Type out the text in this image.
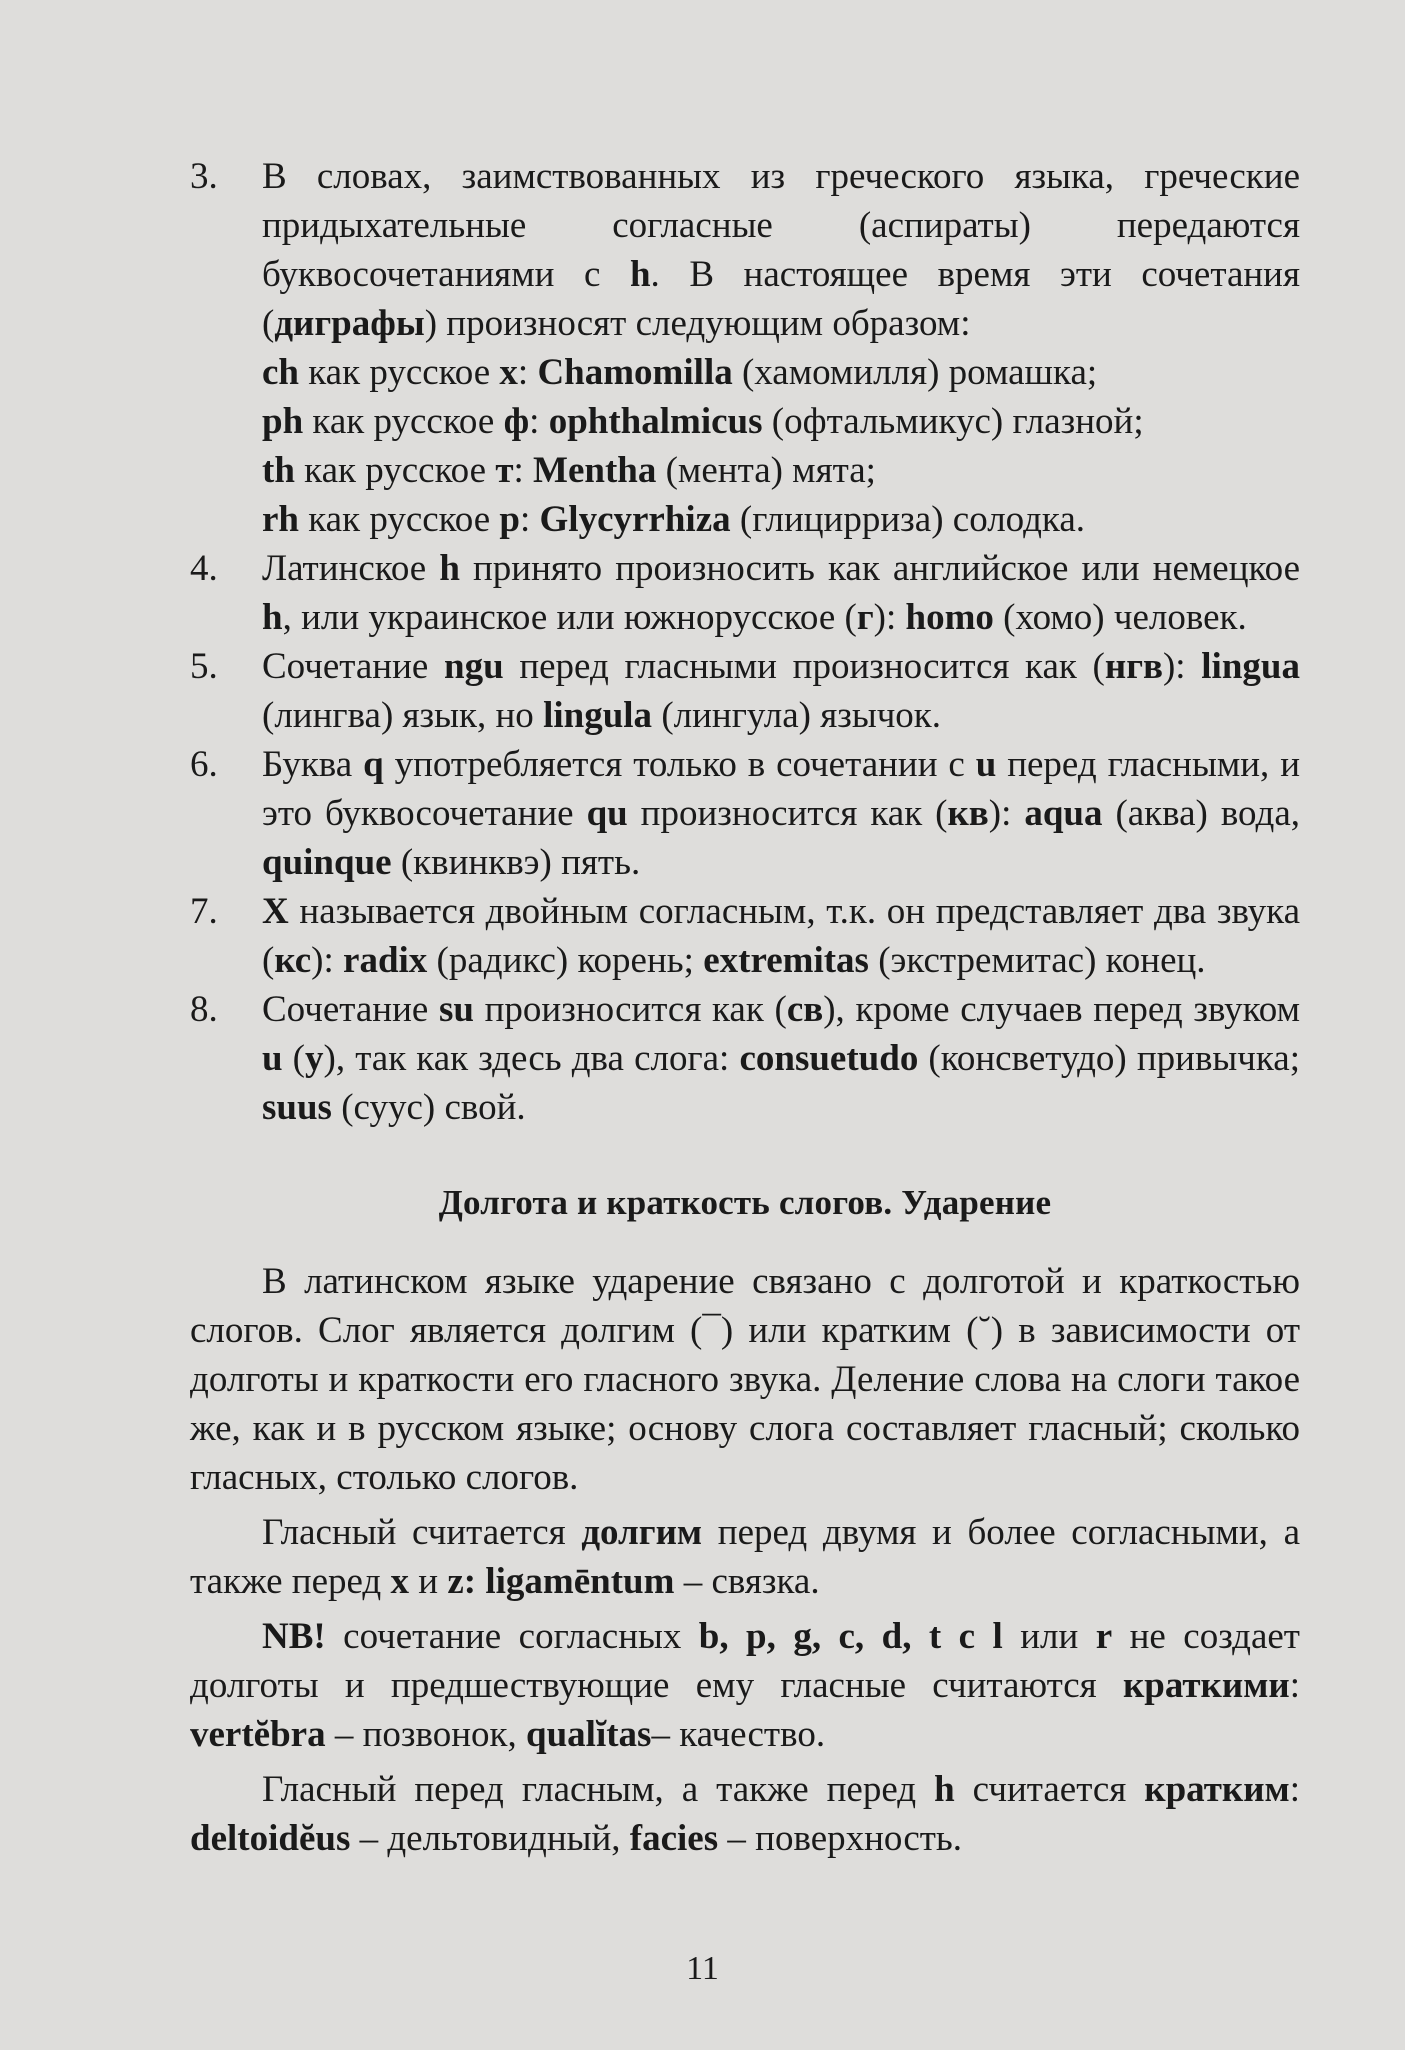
3.	В словах, заимствованных из греческого языка, греческие придыхательные согласные (аспираты) передаются буквосочетаниями с h. В настоящее время эти сочетания (диграфы) произносят следующим образом:
ch как русское х: Chamomilla (хамомилля) ромашка;
ph как русское ф: ophthalmicus (офтальмикус) глазной;
th как русское т: Mentha (мента) мята;
rh как русское р: Glycyrrhiza (глицирриза) солодка.
4.	Латинское h принято произносить как английское или немецкое h, или украинское или южнорусское (г): homo (хомо) человек.
5.	Сочетание ngu перед гласными произносится как (нгв): lingua (лингва) язык, но lingula (лингула) язычок.
6.	Буква q употребляется только в сочетании с u перед гласными, и это буквосочетание qu произносится как (кв): aqua (аква) вода, quinque (квинквэ) пять.
7.	X называется двойным согласным, т.к. он представляет два звука (кс): radix (радикс) корень; extremitas (экстремитас) конец.
8.	Сочетание su произносится как (св), кроме случаев перед звуком u (у), так как здесь два слога: consuetudo (консветудо) привычка; suus (суус) свой.
Долгота и краткость слогов. Ударение

В латинском языке ударение связано с долготой и краткостью слогов. Слог является долгим (¯) или кратким (˘) в зависимости от долготы и краткости его гласного звука. Деление слова на слоги такое же, как и в русском языке; основу слога составляет гласный; сколько гласных, столько слогов.

Гласный считается долгим перед двумя и более согласными, а также перед x и z: ligamēntum – связка.

NB! сочетание согласных b, p, g, c, d, t c l или r не создает долготы и предшествующие ему гласные считаются краткими: vertĕbra – позвонок, qualĭtas– качество.

Гласный перед гласным, а также перед h считается кратким: deltoidĕus – дельтовидный, facies – поверхность.

11
